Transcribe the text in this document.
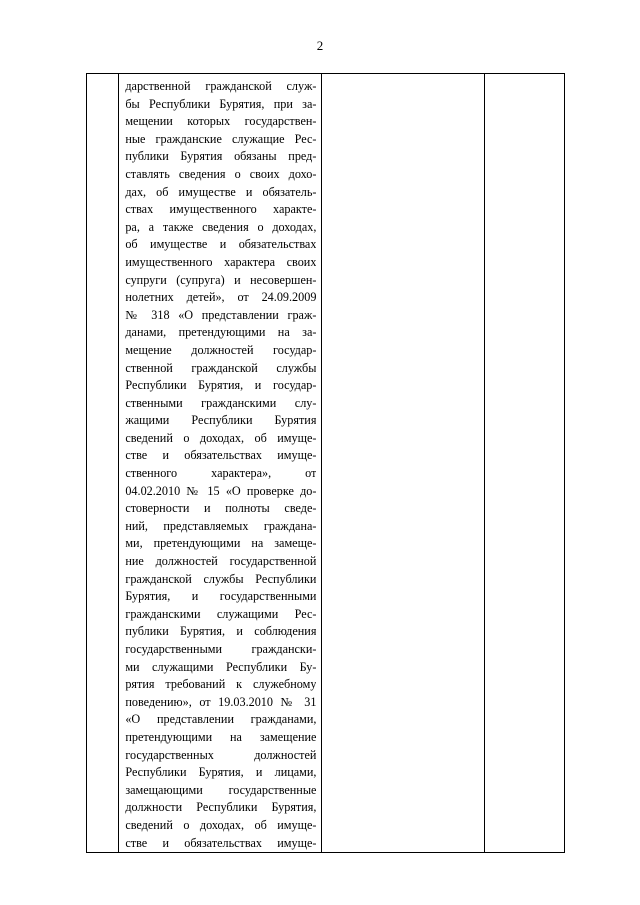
2

дарственной гражданской служ-
бы Республики Бурятия, при за-
мещении которых государствен-
ные гражданские служащие Рес-
публики Бурятия обязаны пред-
ставлять сведения о своих дохо-
дах, об имуществе и обязатель-
ствах имущественного характе-
ра, а также сведения о доходах,
об имуществе и обязательствах
имущественного характера своих
супруги (супруга) и несовершен-
нолетних детей», от 24.09.2009
№ 318 «О представлении граж-
данами, претендующими на за-
мещение должностей государ-
ственной гражданской службы
Республики Бурятия, и государ-
ственными гражданскими слу-
жащими Республики Бурятия
сведений о доходах, об имуще-
стве и обязательствах имуще-
ственного характера», от
04.02.2010 № 15 «О проверке до-
стоверности и полноты сведе-
ний, представляемых граждана-
ми, претендующими на замеще-
ние должностей государственной
гражданской службы Республики
Бурятия, и государственными
гражданскими служащими Рес-
публики Бурятия, и соблюдения
государственными граждански-
ми служащими Республики Бу-
рятия требований к служебному
поведению», от 19.03.2010 № 31
«О представлении гражданами,
претендующими на замещение
государственных должностей
Республики Бурятия, и лицами,
замещающими государственные
должности Республики Бурятия,
сведений о доходах, об имуще-
стве и обязательствах имуще-
